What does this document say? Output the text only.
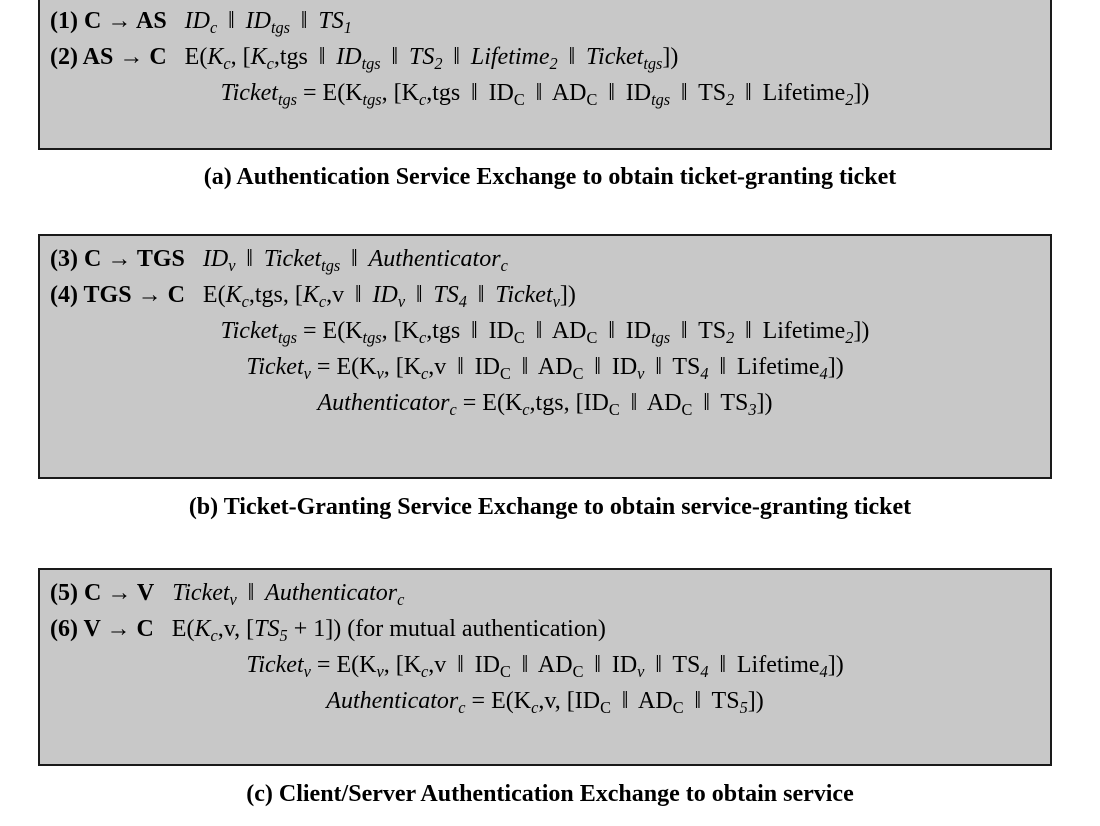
(1) C → AS $ID_c$  ‖  $ID_{tgs}$  ‖  $TS_1$
(2) AS → C $E(K_c$, [$K_c,tgs$  ‖  $ID_{tgs}$  ‖  $TS_2$  ‖  Lifetime$_2$  ‖  Ticket$_{tgs}$])
Ticket$_{tgs}$ = $E(K_{tgs}$, [$K_c,tgs$  ‖  $ID_C$  ‖  $AD_C$  ‖  $ID_{tgs}$  ‖  $TS_2$  ‖  Lifetime$_2$])
(a) Authentication Service Exchange to obtain ticket-granting ticket
(3) C → TGS $ID_v$  ‖  Ticket$_{tgs}$  ‖  Authenticator$_c$
(4) TGS → C $E(K_c,tgs$, [$K_c,v$  ‖  $ID_v$  ‖  $TS_4$  ‖  Ticket$_v$])
Ticket$_{tgs}$ = $E(K_{tgs}$, [$K_c,tgs$  ‖  $ID_C$  ‖  $AD_C$  ‖  $ID_{tgs}$  ‖  $TS_2$  ‖  Lifetime$_2$])
Ticket$_v$ = $E(K_v$, [$K_c,v$  ‖  $ID_C$  ‖  $AD_C$  ‖  $ID_v$  ‖  $TS_4$  ‖  Lifetime$_4$])
Authenticator$_c$ = $E(K_c,tgs$, [$ID_C$  ‖  $AD_C$  ‖  $TS_3$])
(b) Ticket-Granting Service Exchange to obtain service-granting ticket
(5) C → V Ticket$_v$  ‖  Authenticator$_c$
(6) V → C $E(K_c,v$, $[TS_5 + 1]$) (for mutual authentication)
Ticket$_v$ = $E(K_v$, [$K_c,v$  ‖  $ID_C$  ‖  $AD_C$  ‖  $ID_v$  ‖  $TS_4$  ‖  Lifetime$_4$])
Authenticator$_c$ = $E(K_c,v$, [$ID_C$  ‖  $AD_C$  ‖  $TS_5$])
(c) Client/Server Authentication Exchange to obtain service
